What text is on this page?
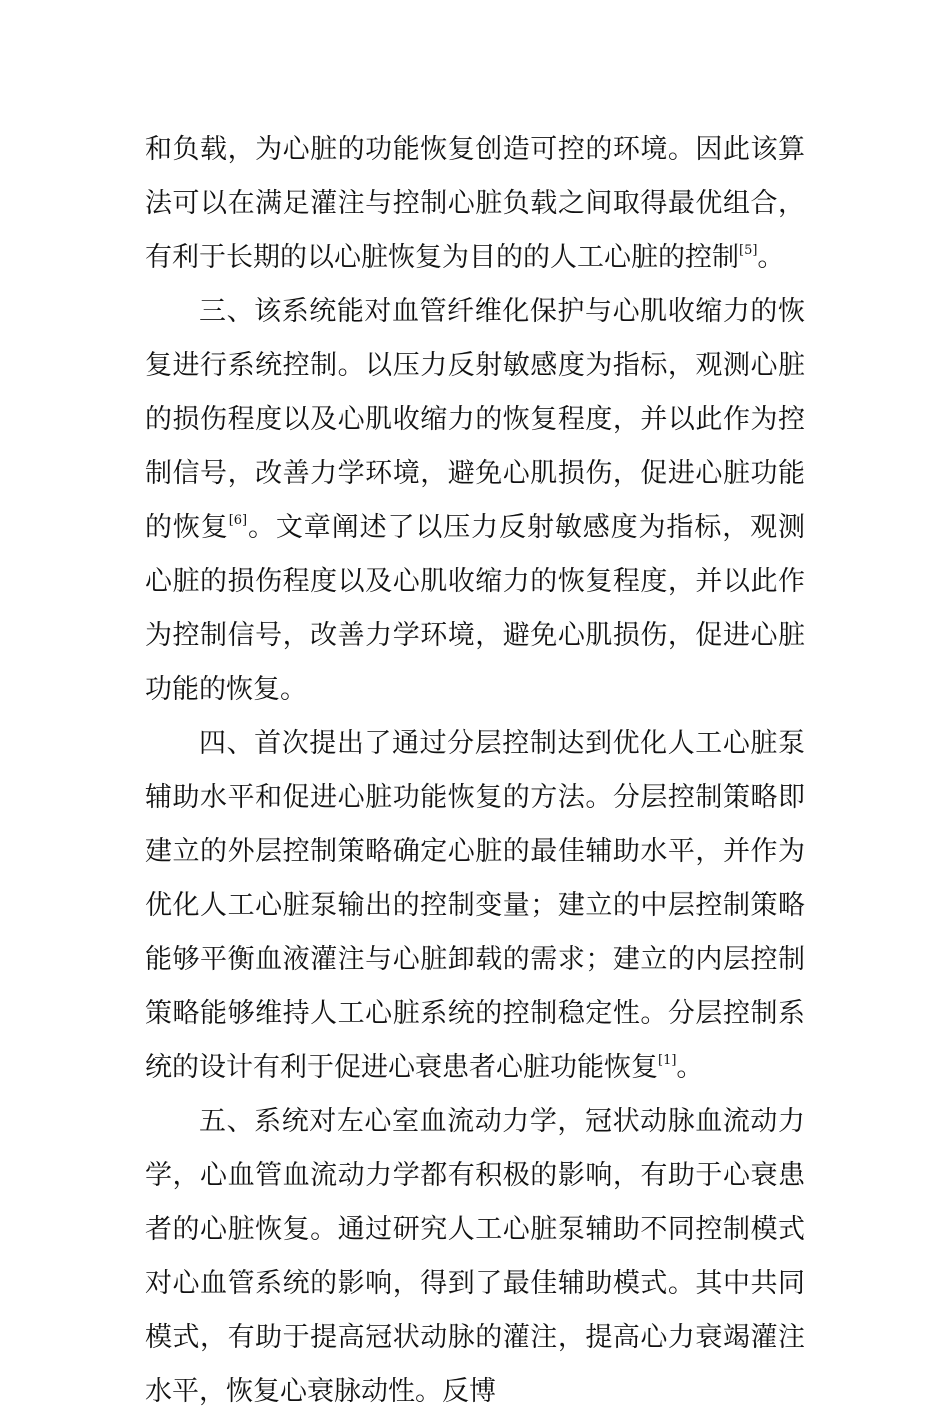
和负载，为心脏的功能恢复创造可控的环境。因此该算法可以在满足灌注与控制心脏负载之间取得最优组合，有利于长期的以心脏恢复为目的的人工心脏的控制[5]。

三、该系统能对血管纤维化保护与心肌收缩力的恢复进行系统控制。以压力反射敏感度为指标，观测心脏的损伤程度以及心肌收缩力的恢复程度，并以此作为控制信号，改善力学环境，避免心肌损伤，促进心脏功能的恢复[6]。文章阐述了以压力反射敏感度为指标，观测心脏的损伤程度以及心肌收缩力的恢复程度，并以此作为控制信号，改善力学环境，避免心肌损伤，促进心脏功能的恢复。

四、首次提出了通过分层控制达到优化人工心脏泵辅助水平和促进心脏功能恢复的方法。分层控制策略即建立的外层控制策略确定心脏的最佳辅助水平，并作为优化人工心脏泵输出的控制变量；建立的中层控制策略能够平衡血液灌注与心脏卸载的需求；建立的内层控制策略能够维持人工心脏系统的控制稳定性。分层控制系统的设计有利于促进心衰患者心脏功能恢复[1]。

五、系统对左心室血流动力学，冠状动脉血流动力学，心血管血流动力学都有积极的影响，有助于心衰患者的心脏恢复。通过研究人工心脏泵辅助不同控制模式对心血管系统的影响，得到了最佳辅助模式。其中共同模式，有助于提高冠状动脉的灌注，提高心力衰竭灌注水平，恢复心衰脉动性。反博
